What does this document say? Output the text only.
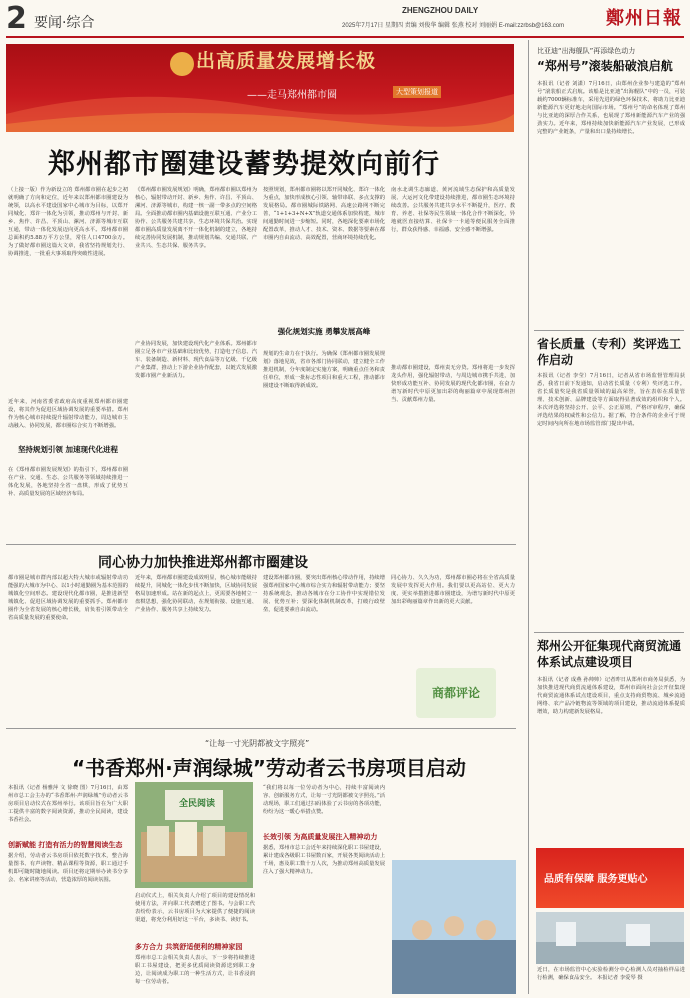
2 要闻·综合
ZHENGZHOU DAILY
2025年7月17日 星期四 责编 刘俊华 编辑 张燕 校对 刘丽娟 E-mail:zzrbsb@163.com 鄭州日報
出高质量发展增长极
——走马郑州都市圈	大型策划报道
郑州都市圈建设蓄势提效向前行
（上接一版）作为新设立的 郑州都市圈在起步之初就明确了方向和定位，近年来以郑州都市圈建设为统领，以高水平建设国家中心城市为目标，以郑开同城化、郑许一体化为引领，推动郑州与开封、新乡、焦作、许昌、平顶山、漯河、济源等城市互联互通，带动一体化发展迈向更高水平。郑州都市圈总面积约5.88万平方公里，常住人口4700余万。为了做好都市圈这篇大文章，我省坚持规划先行、协调推进，一批重大事项取得突破性进展。
近年来，河南省委省政府高度重视郑州都市圈建设，将其作为促进区域协调发展的重要举措。郑州作为核心城市持续提升辐射带动能力，周边城市主动融入、协同发展，都市圈综合实力不断增强。
坚持规划引领 加速现代化进程
在《郑州都市圈发展规划》的指引下，郑州都市圈在产业、交通、生态、公共服务等领域持续推进一体化发展，各地坚持全省一盘棋，形成了优势互补、高质量发展的区域经济布局。
《郑州都市圈发展规划》明确，郑州都市圈以郑州为核心，辐射带动开封、新乡、焦作、许昌、平顶山、漯河、济源等城市，构建一核一副一带多点的空间格局。全面推动都市圈内基础设施互联互通、产业分工协作、公共服务共建共享、生态环境共保共治。实现都市圈高质量发展离不开一体化机制的建立，各地持续完善协同发展机制，推动规划共编、交通共联、产业共兴、生态共保、服务共享。
产业协同发展，加快建设现代化产业体系。郑州都市圈立足各市产业基础和比较优势，打造电子信息、汽车、装备制造、新材料、现代食品等万亿级、千亿级产业集群，推动上下游企业协作配套，以链式发展激发都市圈产业新活力。
按照规划，郑州都市圈将以郑开同城化、郑许一体化为重点，加快形成核心引领、轴带串联、多点支撑的发展格局。都市圈城际铁路网、高速公路网不断完善，“1+1+3+N+X”轨道交通体系加快构建，城市间通勤时间进一步缩短。同时，各地深化要素市场化配置改革，推动人才、技术、资本、数据等要素在都市圈内自由流动、高效配置，营商环境持续优化。
强化规划实施 勇攀发展高峰
规划的生命力在于执行。为确保《郑州都市圈发展规划》落地见效，省市各部门协同联动，建立健全工作推进机制，分年度制定实施方案，明确重点任务和责任单位，形成一批标志性项目和重大工程，推动都市圈建设不断取得新成效。
南水北调生态廊道、黄河流域生态保护和高质量发展、大运河文化带建设持续推进，都市圈生态环境持续改善。公共服务共建共享水平不断提升，医疗、教育、养老、社保等民生领域一体化合作不断深化，异地就医直接结算、社保卡一卡通等便民服务全面推行，群众获得感、幸福感、安全感不断增强。
推动都市圈建设，郑州责无旁贷。郑州将进一步发挥龙头作用，强化辐射带动，与周边城市携手共进，加快形成功能互补、协同发展的现代化都市圈，在奋力谱写新时代中原更加出彩的绚丽篇章中展现郑州担当、贡献郑州力量。
同心协力加快推进郑州都市圈建设
都市圈是城市群内部以超大特大城市或辐射带动功能强的大城市为中心、以1小时通勤圈为基本范围的城镇化空间形态。建设现代化都市圈，是推进新型城镇化、促进区域协调发展的重要抓手。郑州都市圈作为全省发展的核心增长极，肩负着引领带动全省高质量发展的重要使命。
近年来，郑州都市圈建设成效明显，核心城市能级持续提升，同城化一体化步伐不断加快，区域协同发展格局加速形成。站在新的起点上，更需要各地树立一盘棋思想，强化协同联动，在规划衔接、设施互通、产业协作、服务共享上持续发力。
建设郑州都市圈，要突出郑州核心带动作用，持续增强郑州国家中心城市综合实力和辐射带动能力；要坚持系统观念，推动各城市在分工协作中实现错位发展、优势互补；要深化体制机制改革，打破行政壁垒，促进要素自由流动。
同心协力、久久为功，郑州都市圈必将在全省高质量发展中发挥更大作用。我们要以更高站位、更大力度、更实举措推进都市圈建设，为谱写新时代中原更加出彩绚丽篇章作出新的更大贡献。
商都评论
“让每一寸光阴都被文字照亮”
“书香郑州·声润绿城”劳动者云书房项目启动
本报讯（记者 杨雅萍 文 徐晓 图）7月16日，由郑州市总工会主办的“书香郑州·声润绿城”劳动者云书房项目启动仪式在郑州举行。该项目旨在为广大职工提供丰富的数字阅读资源，推动全民阅读，建设书香社会。
创新赋能 打造有活力的智慧阅读生态
据介绍，劳动者云书房项目依托数字技术，整合海量图书、有声读物、精品课程等资源，职工通过手机即可随时随地阅读。项目还将定期举办读书分享会、名家讲座等活动，营造浓厚的阅读氛围。
全民阅读
启动仪式上，相关负责人介绍了项目的建设情况和使用方法，并向职工代表赠送了图书。与会职工代表纷纷表示，云书房项目为大家提供了便捷的阅读渠道，将充分利用好这一平台，多读书、读好书。
多方合力 共筑舒适便利的精神家园
郑州市总工会相关负责人表示，下一步将持续推进职工书屋建设，把更多优质阅读资源送到职工身边，让阅读成为职工的一种生活方式，让书香浸润每一位劳动者。
“我们将以每一位劳动者为中心，持续丰富阅读内容、创新服务方式，让每一寸光阴都被文字照亮。”活动现场，职工们通过扫码体验了云书房的各项功能，纷纷为这一暖心举措点赞。
长效引领 为高质量发展注入精神动力
据悉，郑州市总工会近年来持续深化职工书屋建设，累计建成各级职工书屋数百家，开展各类阅读活动上千场，惠及职工数十万人次，为推动郑州高质量发展注入了强大精神动力。
比亚迪“出海舰队”再添绿色动力
“郑州号”滚装船破浪启航
本报讯（记者 刘潇）7月16日，由郑州企业参与建造的“郑州号”滚装船正式启航。该船是比亚迪“出海舰队”中的一员，可装载约7000辆标准车，采用先进的绿色环保技术，将助力比亚迪新能源汽车更好地走向国际市场。“郑州号”的命名体现了郑州与比亚迪的深厚合作关系，也展现了郑州新能源汽车产业的强劲实力。近年来，郑州持续加快新能源汽车产业发展，已形成完整的产业链条，产量和出口量持续增长。
省长质量（专利）奖评选工作启动
本报讯（记者 李莹）7月16日，记者从省市场监督管理局获悉，我省日前下发通知，启动省长质量（专利）奖评选工作。省长质量奖是我省质量领域的最高荣誉，旨在表彰在质量管理、技术创新、品牌建设等方面取得显著成效的组织和个人。本次评选将坚持公开、公平、公正原则，严格评审程序，确保评选结果的权威性和公信力。据了解，符合条件的企业可于规定时间内向所在地市场监管部门提出申请。
郑州公开征集现代商贸流通体系试点建设项目
本报讯（记者 成燕 孙帅帅）记者昨日从郑州市商务局获悉，为加快推进现代商贸流通体系建设，郑州市面向社会公开征集现代商贸流通体系试点建设项目，重点支持商贸物流、城乡流通网络、农产品冷链物流等领域的项目建设，推动流通体系提质增效，助力构建新发展格局。
品质有保障 服务更贴心
近日，在市场监管中心实验检测分中心检测人员对抽检样品进行检测，确保食品安全。 本报记者 李爱琴 摄
